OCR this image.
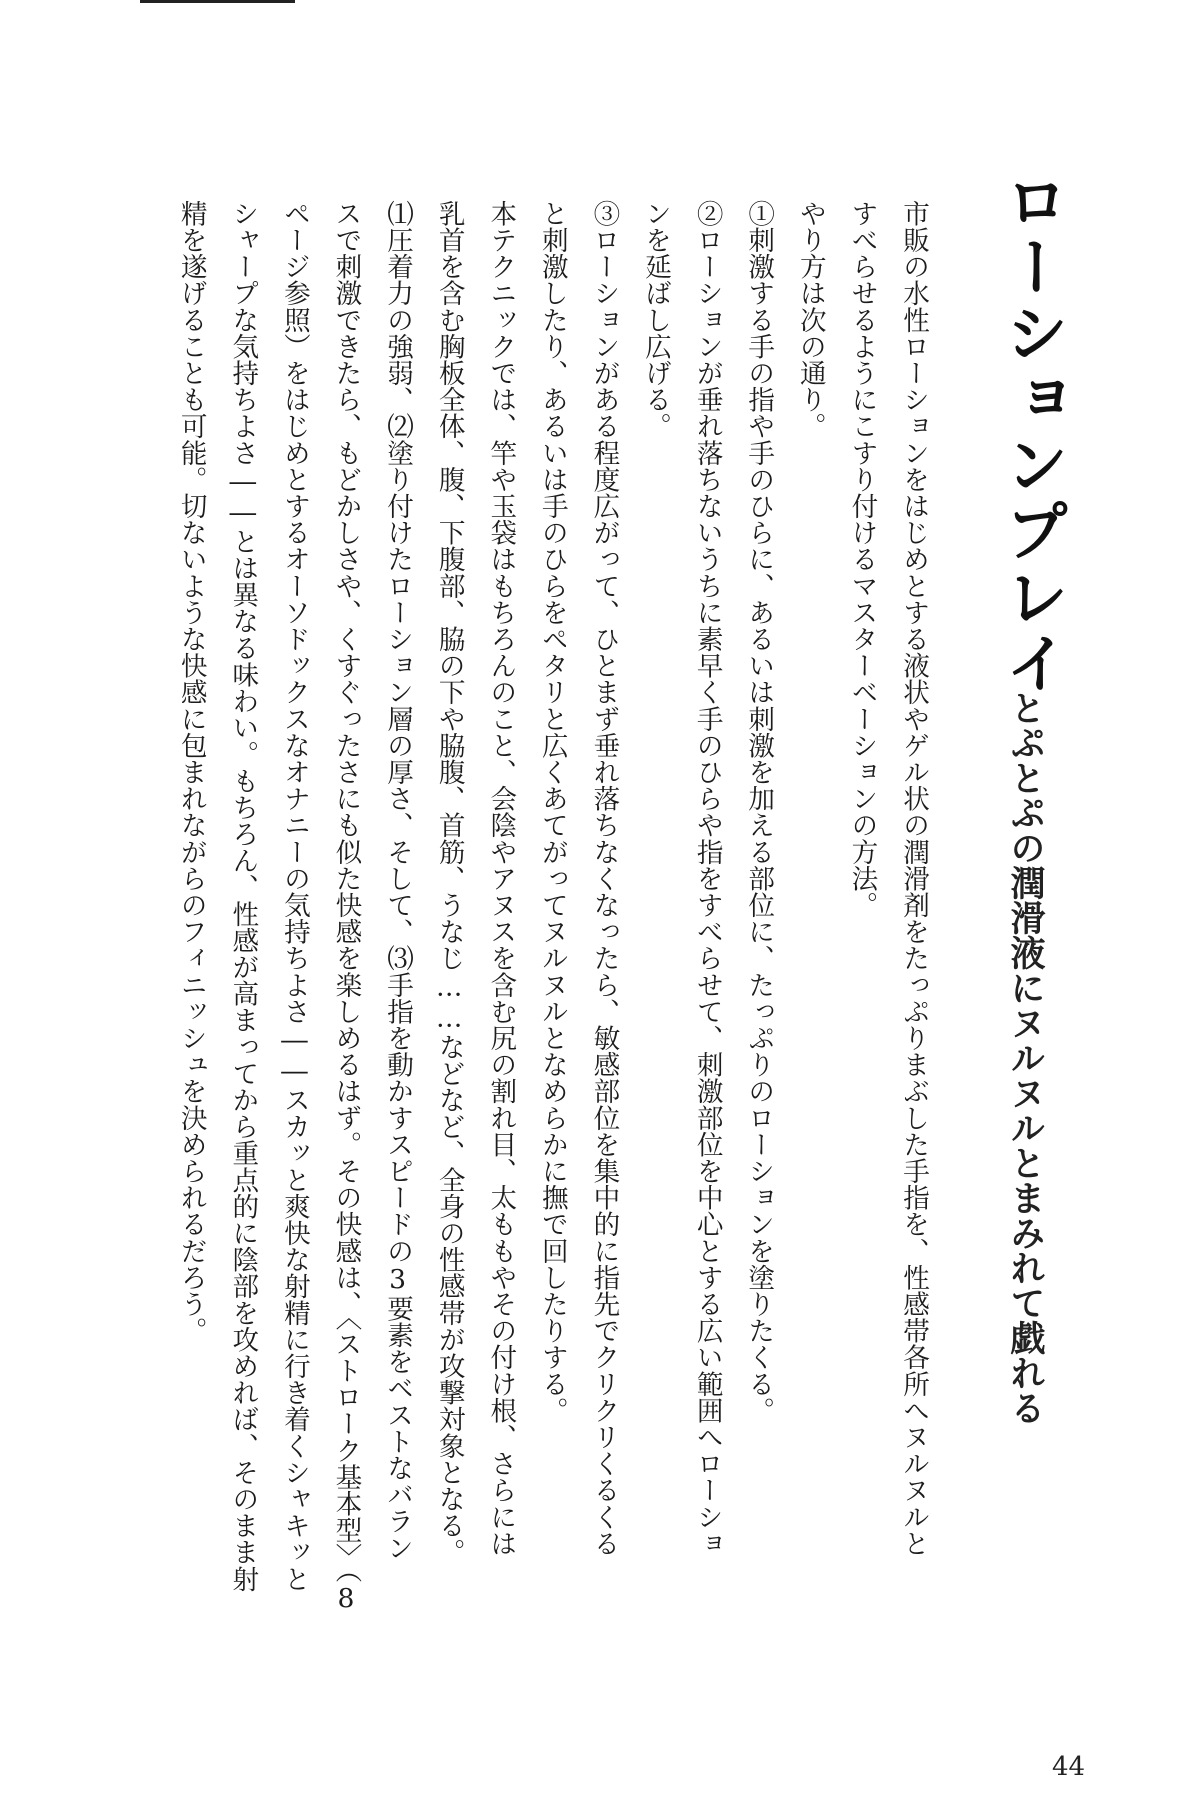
ローションプレイ
とぷとぷの潤滑液にヌルヌルとまみれて戯れる

市販の水性ローションをはじめとする液状やゲル状の潤滑剤をたっぷりまぶした手指を、性感帯各所へヌルヌルと

すべらせるようにこすり付けるマスターベーションの方法。

やり方は次の通り。

①刺激する手の指や手のひらに、あるいは刺激を加える部位に、たっぷりのローションを塗りたくる。

②ローションが垂れ落ちないうちに素早く手のひらや指をすべらせて、刺激部位を中心とする広い範囲へローショ

ンを延ばし広げる。

③ローションがある程度広がって、ひとまず垂れ落ちなくなったら、敏感部位を集中的に指先でクリクリくるくる

と刺激したり、あるいは手のひらをペタリと広くあてがってヌルヌルとなめらかに撫で回したりする。

本テクニックでは、竿や玉袋はもちろんのこと、会陰やアヌスを含む尻の割れ目、太ももやその付け根、さらには

乳首を含む胸板全体、腹、下腹部、脇の下や脇腹、首筋、うなじ……などなど、全身の性感帯が攻撃対象となる。

⑴圧着力の強弱、⑵塗り付けたローション層の厚さ、そして、⑶手指を動かすスピードの3要素をベストなバラン

スで刺激できたら、もどかしさや、くすぐったさにも似た快感を楽しめるはず。その快感は、〈ストローク基本型〉（8

ページ参照）をはじめとするオーソドックスなオナニーの気持ちよさ――スカッと爽快な射精に行き着くシャキッと

シャープな気持ちよさ――とは異なる味わい。もちろん、性感が高まってから重点的に陰部を攻めれば、そのまま射

精を遂げることも可能。切ないような快感に包まれながらのフィニッシュを決められるだろう。

44
